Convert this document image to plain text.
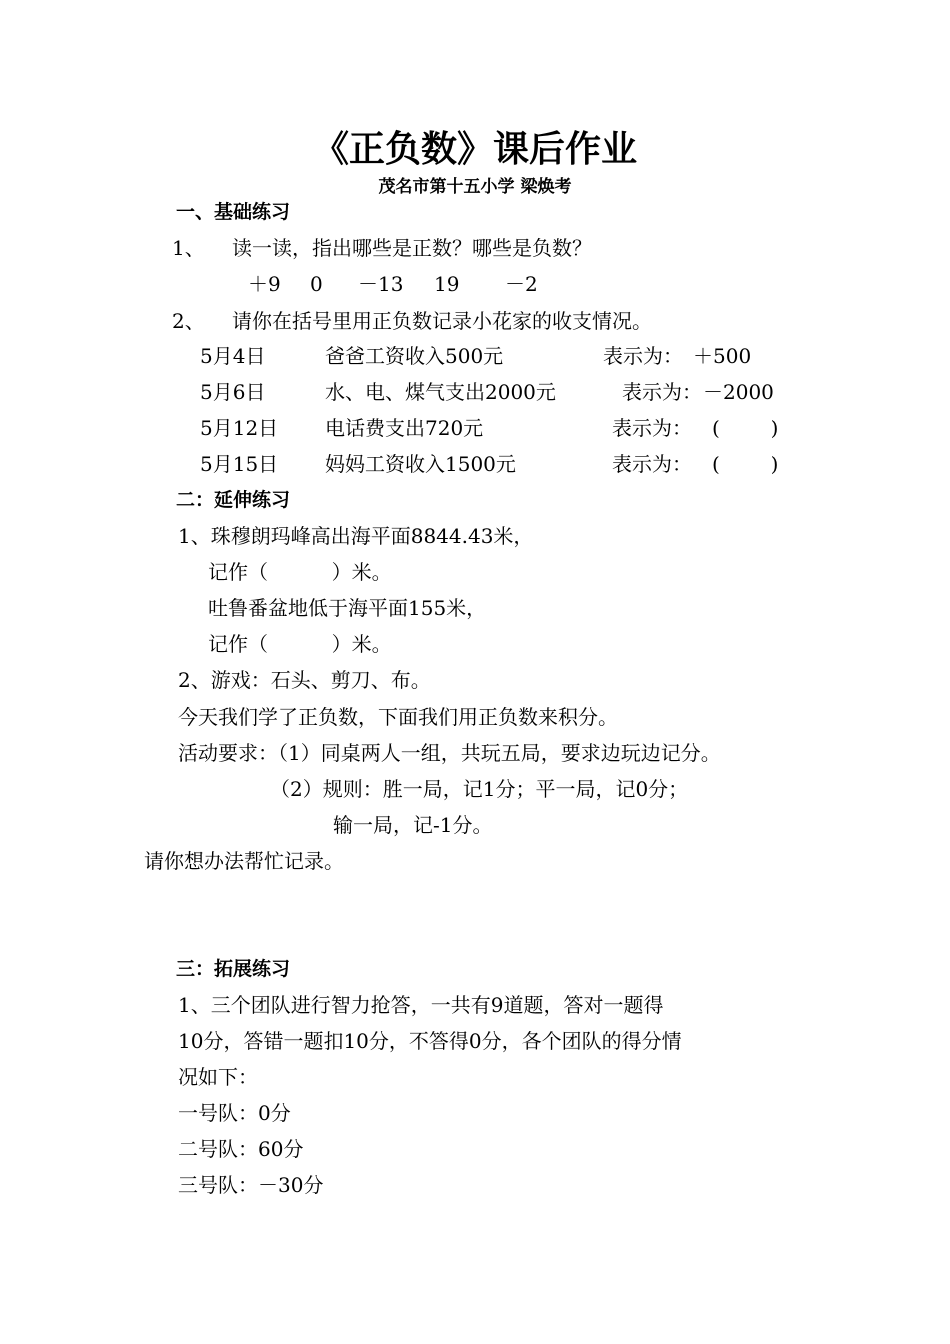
《正负数》课后作业
茂名市第十五小学 梁焕考
一、基础练习
1、 读一读，指出哪些是正数？哪些是负数？
＋9 0 －13 19 －2
2、 请你在括号里用正负数记录小花家的收支情况。
5月4日	爸爸工资收入500元	表示为： ＋500
5月6日	水、电、煤气支出2000元	表示为： －2000
5月12日 电话费支出720元	表示为： (        )
5月15日 妈妈工资收入1500元	表示为： (        )
二：延伸练习
1、珠穆朗玛峰高出海平面8844.43米，
记作（          ）米。
吐鲁番盆地低于海平面155米，
记作（          ）米。
2、游戏：石头、剪刀、布。
今天我们学了正负数，下面我们用正负数来积分。
活动要求：（1）同桌两人一组，共玩五局，要求边玩边记分。
（2）规则：胜一局，记1分；平一局，记0分；
输一局，记-1分。
请你想办法帮忙记录。
三：拓展练习
1、三个团队进行智力抢答，一共有9道题，答对一题得
10分，答错一题扣10分，不答得0分，各个团队的得分情
况如下：
一号队：0分
二号队：60分
三号队：－30分
